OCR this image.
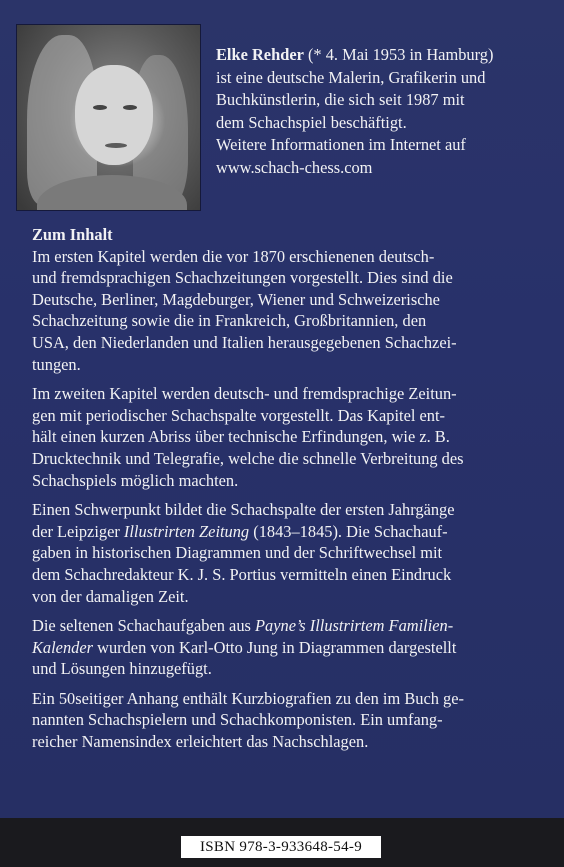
Elke Rehder (* 4. Mai 1953 in Hamburg)

ist eine deutsche Malerin, Grafikerin und

Buchkünstlerin, die sich seit 1987 mit

dem Schachspiel beschäftigt.

Weitere Informationen im Internet auf

www.schach-chess.com

Zum Inhalt

Im ersten Kapitel werden die vor 1870 erschienenen deutsch-
und fremdsprachigen Schachzeitungen vorgestellt. Dies sind die
Deutsche, Berliner, Magdeburger, Wiener und Schweizerische
Schachzeitung sowie die in Frankreich, Großbritannien, den
USA, den Niederlanden und Italien herausgegebenen Schachzei-
tungen.

Im zweiten Kapitel werden deutsch- und fremdsprachige Zeitun-
gen mit periodischer Schachspalte vorgestellt. Das Kapitel ent-
hält einen kurzen Abriss über technische Erfindungen, wie z. B.
Drucktechnik und Telegrafie, welche die schnelle Verbreitung des
Schachspiels möglich machten.

Einen Schwerpunkt bildet die Schachspalte der ersten Jahrgänge
der Leipziger Illustrirten Zeitung (1843–1845). Die Schachauf-
gaben in historischen Diagrammen und der Schriftwechsel mit
dem Schachredakteur K. J. S. Portius vermitteln einen Eindruck
von der damaligen Zeit.

Die seltenen Schachaufgaben aus Payne’s Illustrirtem Familien-
Kalender wurden von Karl-Otto Jung in Diagrammen dargestellt
und Lösungen hinzugefügt.

Ein 50seitiger Anhang enthält Kurzbiografien zu den im Buch ge-
nannten Schachspielern und Schachkomponisten. Ein umfang-
reicher Namensindex erleichtert das Nachschlagen.

ISBN 978-3-933648-54-9
